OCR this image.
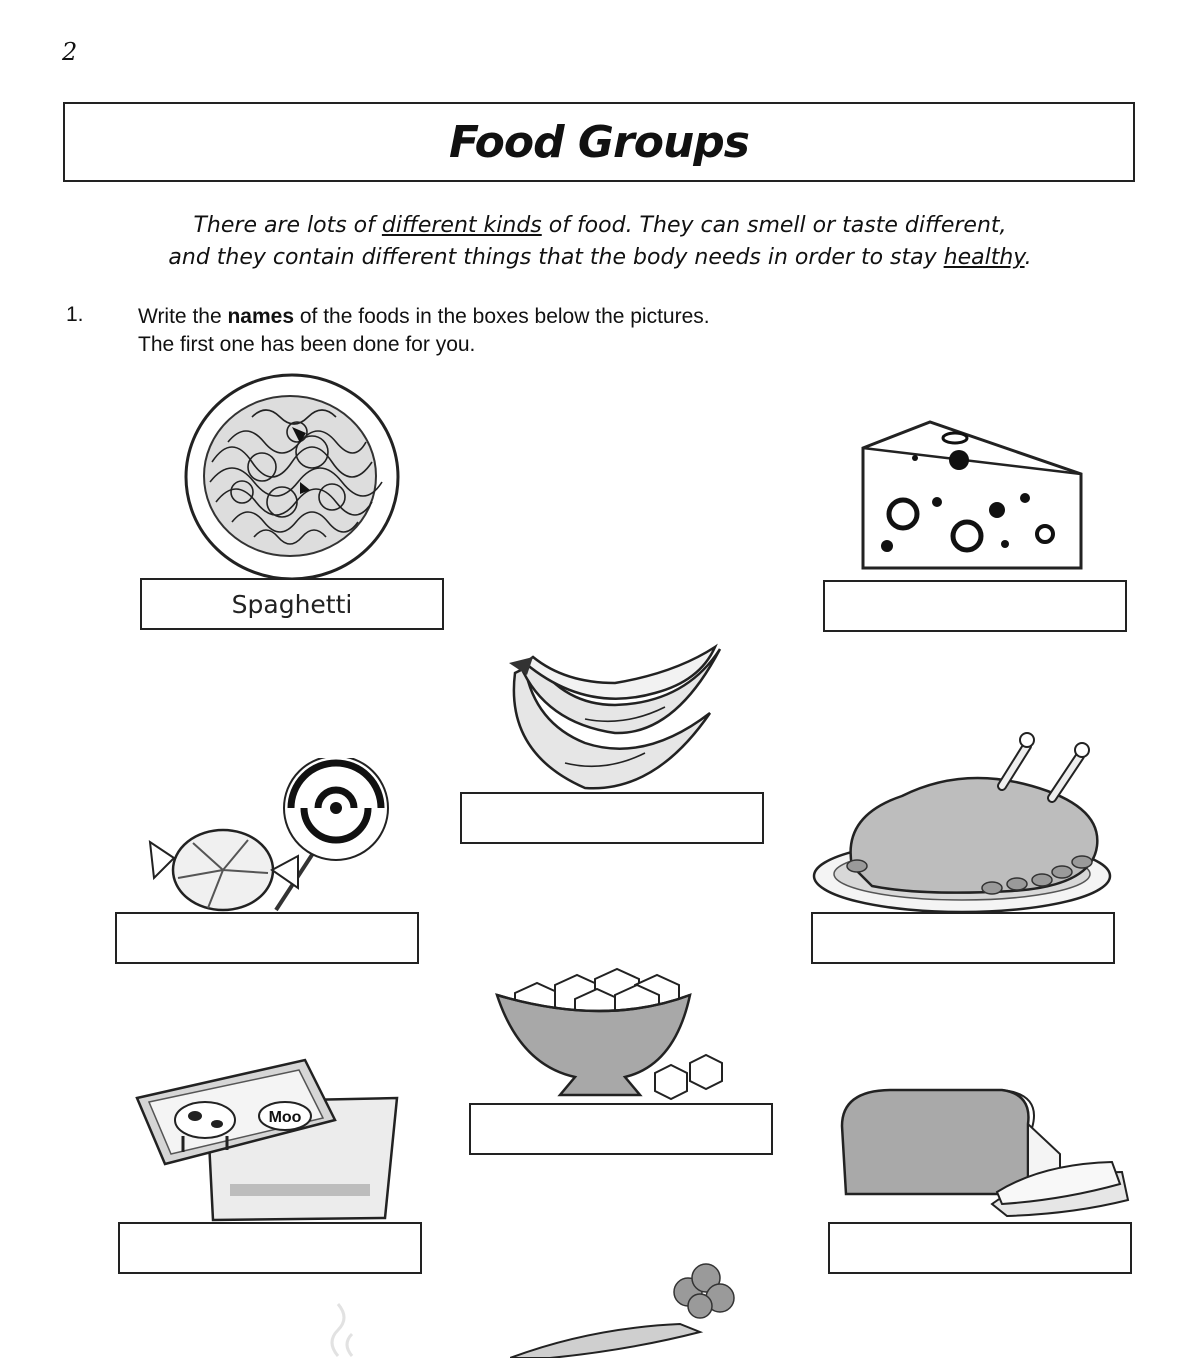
2
Food Groups
There are lots of different kinds of food. They can smell or taste different,
and they contain different things that the body needs in order to stay healthy.
1.	Write the names of the foods in the boxes below the pictures.
The first one has been done for you.
Spaghetti
Moo
